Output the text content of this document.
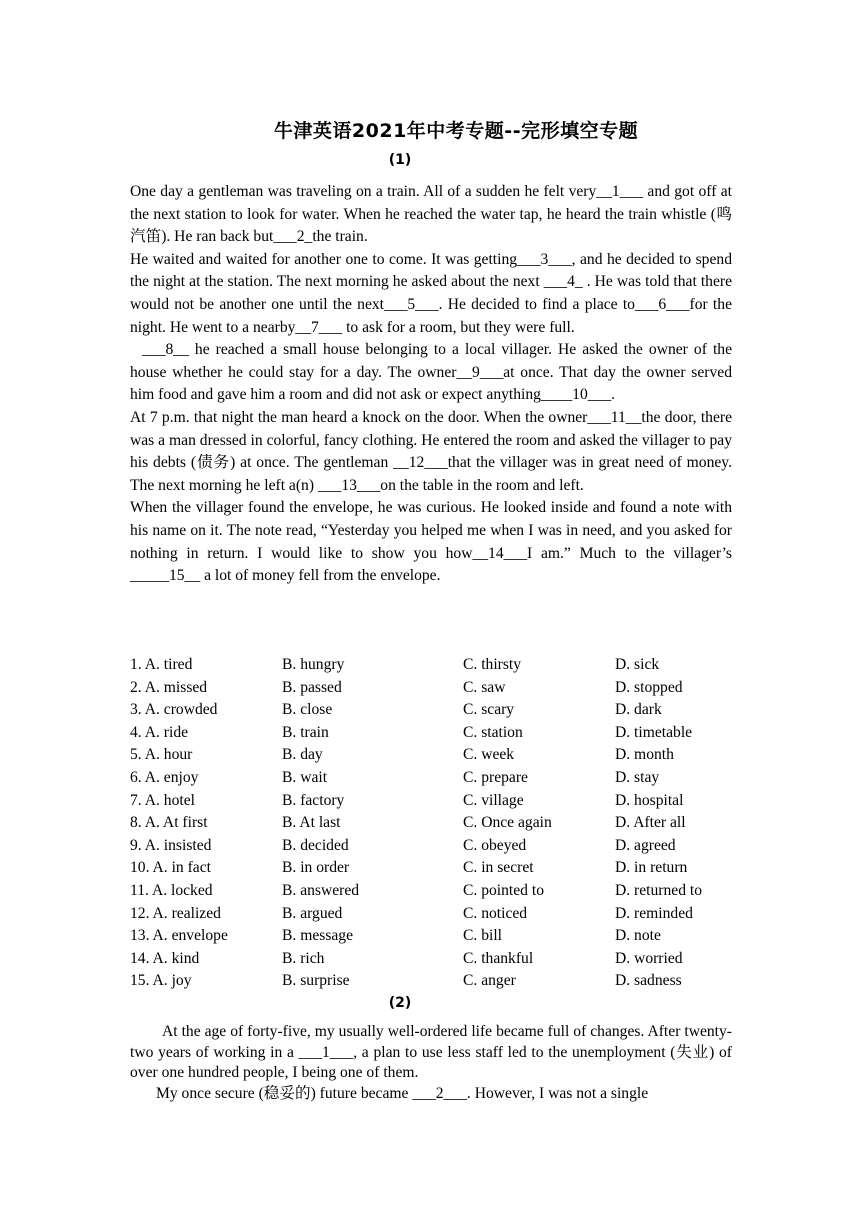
牛津英语2021年中考专题--完形填空专题
(1)

One day a gentleman was traveling on a train. All of a sudden he felt very__1___ and got off at the next station to look for water. When he reached the water tap, he heard the train whistle (鸣汽笛). He ran back but___2_the train.

He waited and waited for another one to come. It was getting___3___, and he decided to spend the night at the station. The next morning he asked about the next ___4_ . He was told that there would not be another one until the next___5___. He decided to find a place to___6___for the night. He went to a nearby__7___ to ask for a room, but they were full.

___8__ he reached a small house belonging to a local villager. He asked the owner of the house whether he could stay for a day. The owner__9___at once. That day the owner served him food and gave him a room and did not ask or expect anything____10___.

At 7 p.m. that night the man heard a knock on the door. When the owner___11__the door, there was a man dressed in colorful, fancy clothing. He entered the room and asked the villager to pay his debts (债务) at once. The gentleman __12___that the villager was in great need of money. The next morning he left a(n) ___13___on the table in the room and left.

When the villager found the envelope, he was curious. He looked inside and found a note with his name on it. The note read, “Yesterday you helped me when I was in need, and you asked for nothing in return. I would like to show you how__14___I am.” Much to the villager’s _____15__ a lot of money fell from the envelope.

1. A. tired	B. hungry	C. thirsty	D. sick
2. A. missed	B. passed	C. saw	D. stopped
3. A. crowded	B. close	C. scary	D. dark
4. A. ride	B. train	C. station	D. timetable
5. A. hour	B. day	C. week	D. month
6. A. enjoy	B. wait	C. prepare	D. stay
7. A. hotel	B. factory	C. village	D. hospital
8. A. At first	B. At last	C. Once again	D. After all
9. A. insisted	B. decided	C. obeyed	D. agreed
10. A. in fact	B. in order	C. in secret	D. in return
11. A. locked	B. answered	C. pointed to	D. returned to
12. A. realized	B. argued	C. noticed	D. reminded
13. A. envelope	B. message	C. bill	D. note
14. A. kind	B. rich	C. thankful	D. worried
15. A. joy	B. surprise	C. anger	D. sadness
(2)

At the age of forty-five, my usually well-ordered life became full of changes. After twenty-two years of working in a ___1___, a plan to use less staff led to the unemployment (失业) of over one hundred people, I being one of them.

My once secure (稳妥的) future became ___2___. However, I was not a single
